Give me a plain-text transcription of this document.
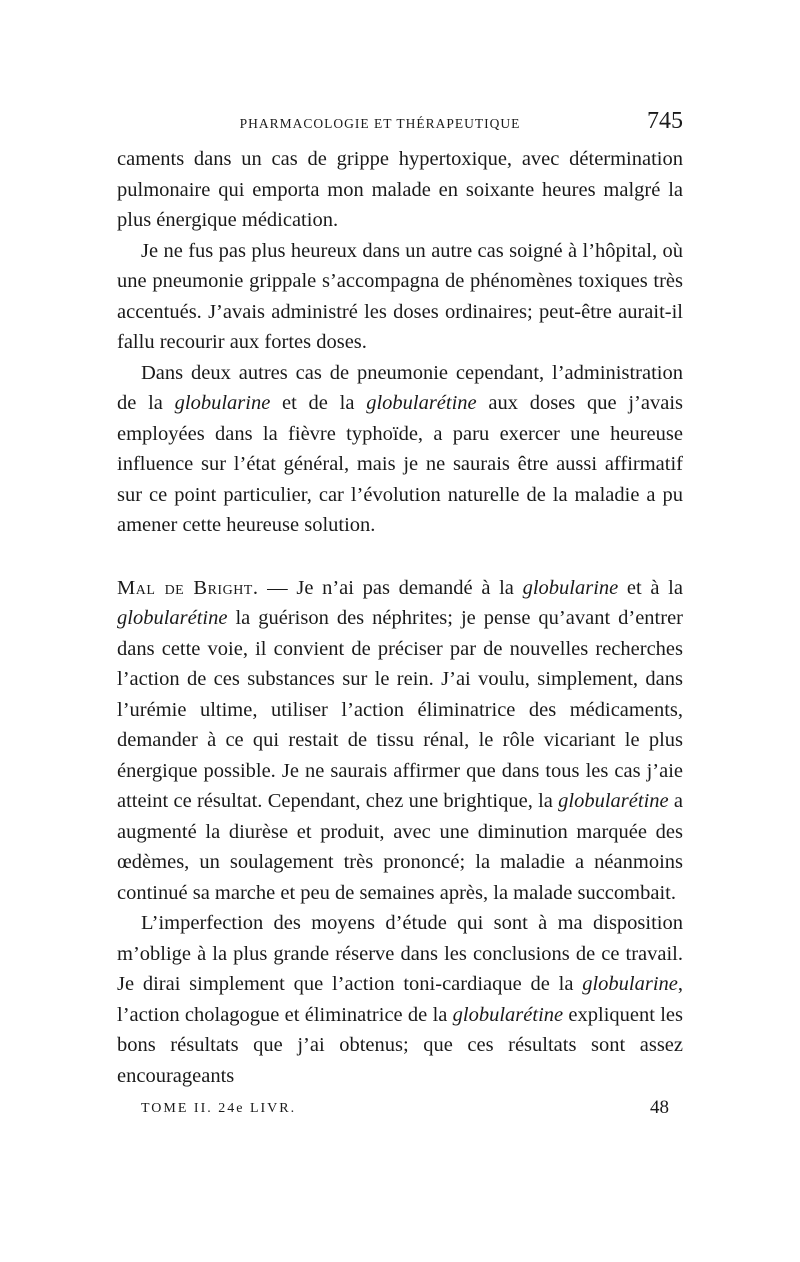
PHARMACOLOGIE ET THÉRAPEUTIQUE	745

caments dans un cas de grippe hypertoxique, avec détermination pulmonaire qui emporta mon malade en soixante heures malgré la plus énergique médication.

Je ne fus pas plus heureux dans un autre cas soigné à l’hôpital, où une pneumonie grippale s’accompagna de phénomènes toxiques très accentués. J’avais administré les doses ordinaires; peut-être aurait-il fallu recourir aux fortes doses.

Dans deux autres cas de pneumonie cependant, l’administration de la globularine et de la globularétine aux doses que j’avais employées dans la fièvre typhoïde, a paru exercer une heureuse influence sur l’état général, mais je ne saurais être aussi affirmatif sur ce point particulier, car l’évolution naturelle de la maladie a pu amener cette heureuse solution.

Mal de Bright. — Je n’ai pas demandé à la globularine et à la globularétine la guérison des néphrites; je pense qu’avant d’entrer dans cette voie, il convient de préciser par de nouvelles recherches l’action de ces substances sur le rein. J’ai voulu, simplement, dans l’urémie ultime, utiliser l’action éliminatrice des médicaments, demander à ce qui restait de tissu rénal, le rôle vicariant le plus énergique possible. Je ne saurais affirmer que dans tous les cas j’aie atteint ce résultat. Cependant, chez une brightique, la globularétine a augmenté la diurèse et produit, avec une diminution marquée des œdèmes, un soulagement très prononcé; la maladie a néanmoins continué sa marche et peu de semaines après, la malade succombait.

L’imperfection des moyens d’étude qui sont à ma disposition m’oblige à la plus grande réserve dans les conclusions de ce travail. Je dirai simplement que l’action toni-cardiaque de la globularine, l’action cholagogue et éliminatrice de la globularétine expliquent les bons résultats que j’ai obtenus; que ces résultats sont assez encourageants

TOME II. 24e LIVR.	48
